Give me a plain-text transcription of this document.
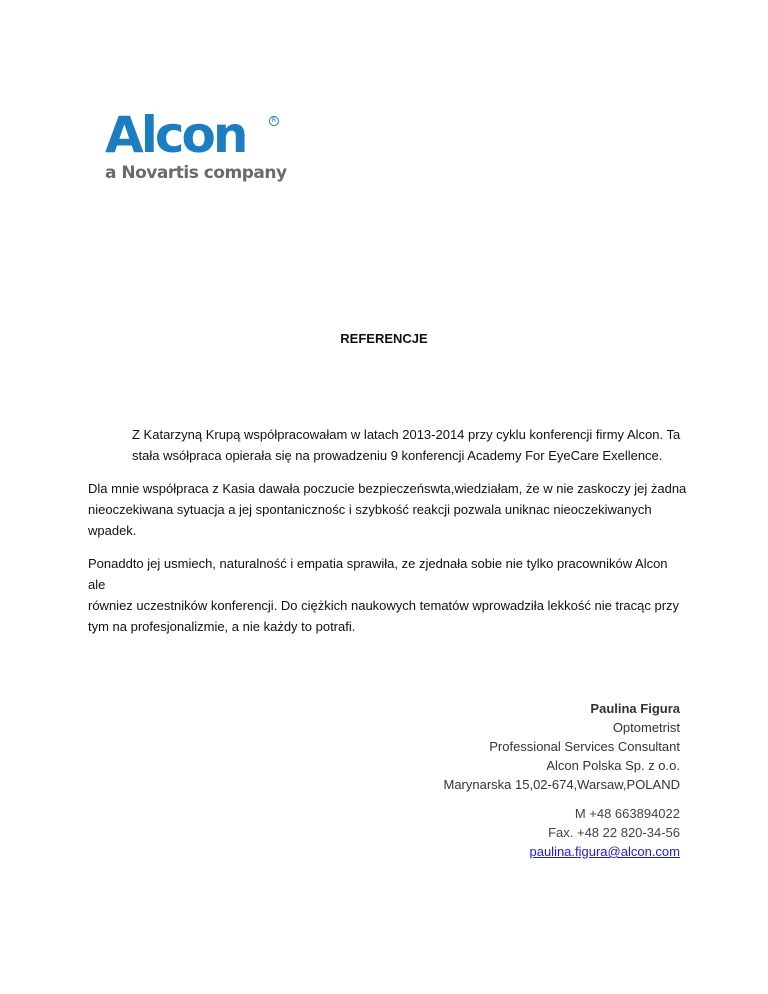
Alcon	R
a Novartis company
REFERENCJE

Z Katarzyną Krupą współpracowałam w latach 2013-2014 przy cyklu konferencji firmy Alcon. Ta
stała wsółpraca opierała się na prowadzeniu 9 konferencji Academy For EyeCare Exellence.

Dla mnie współpraca z Kasia dawała poczucie bezpieczeńswta,wiedziałam, że w nie zaskoczy jej żadna
nieoczekiwana sytuacja a jej spontanicznośc i szybkość reakcji pozwala uniknac nieoczekiwanych wpadek.

Ponaddto jej usmiech, naturalność i empatia sprawiła, ze zjednała sobie nie tylko pracowników Alcon ale
równiez uczestników konferencji. Do ciężkich naukowych tematów wprowadziła lekkość nie tracąc przy
tym na profesjonalizmie, a nie każdy to potrafi.

Paulina Figura
Optometrist
Professional Services Consultant
Alcon Polska Sp. z o.o.
Marynarska 15,02-674,Warsaw,POLAND
M +48 663894022
Fax. +48 22 820-34-56
paulina.figura@alcon.com
